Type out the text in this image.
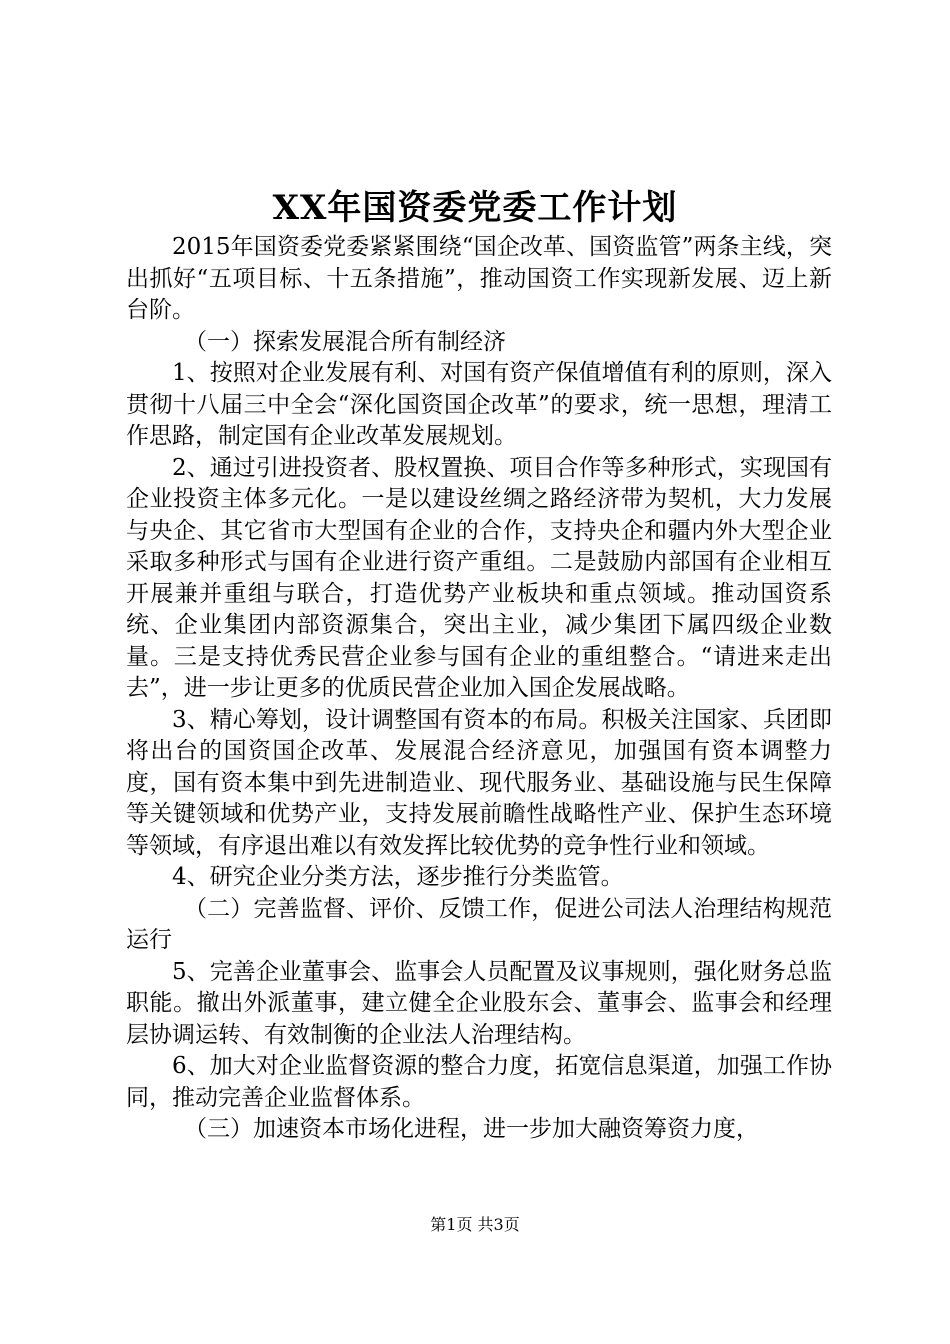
XX年国资委党委工作计划

2015年国资委党委紧紧围绕“国企改革、国资监管”两条主线，突出抓好“五项目标、十五条措施”，推动国资工作实现新发展、迈上新台阶。

（一）探索发展混合所有制经济

1、按照对企业发展有利、对国有资产保值增值有利的原则，深入贯彻十八届三中全会“深化国资国企改革”的要求，统一思想，理清工作思路，制定国有企业改革发展规划。

2、通过引进投资者、股权置换、项目合作等多种形式，实现国有企业投资主体多元化。一是以建设丝绸之路经济带为契机，大力发展与央企、其它省市大型国有企业的合作，支持央企和疆内外大型企业采取多种形式与国有企业进行资产重组。二是鼓励内部国有企业相互开展兼并重组与联合，打造优势产业板块和重点领域。推动国资系统、企业集团内部资源集合，突出主业，减少集团下属四级企业数量。三是支持优秀民营企业参与国有企业的重组整合。“请进来走出去”，进一步让更多的优质民营企业加入国企发展战略。

3、精心筹划，设计调整国有资本的布局。积极关注国家、兵团即将出台的国资国企改革、发展混合经济意见，加强国有资本调整力度，国有资本集中到先进制造业、现代服务业、基础设施与民生保障等关键领域和优势产业，支持发展前瞻性战略性产业、保护生态环境等领域，有序退出难以有效发挥比较优势的竞争性行业和领域。

4、研究企业分类方法，逐步推行分类监管。

（二）完善监督、评价、反馈工作，促进公司法人治理结构规范运行

5、完善企业董事会、监事会人员配置及议事规则，强化财务总监职能。撤出外派董事，建立健全企业股东会、董事会、监事会和经理层协调运转、有效制衡的企业法人治理结构。

6、加大对企业监督资源的整合力度，拓宽信息渠道，加强工作协同，推动完善企业监督体系。

（三）加速资本市场化进程，进一步加大融资筹资力度，

第1页 共3页
